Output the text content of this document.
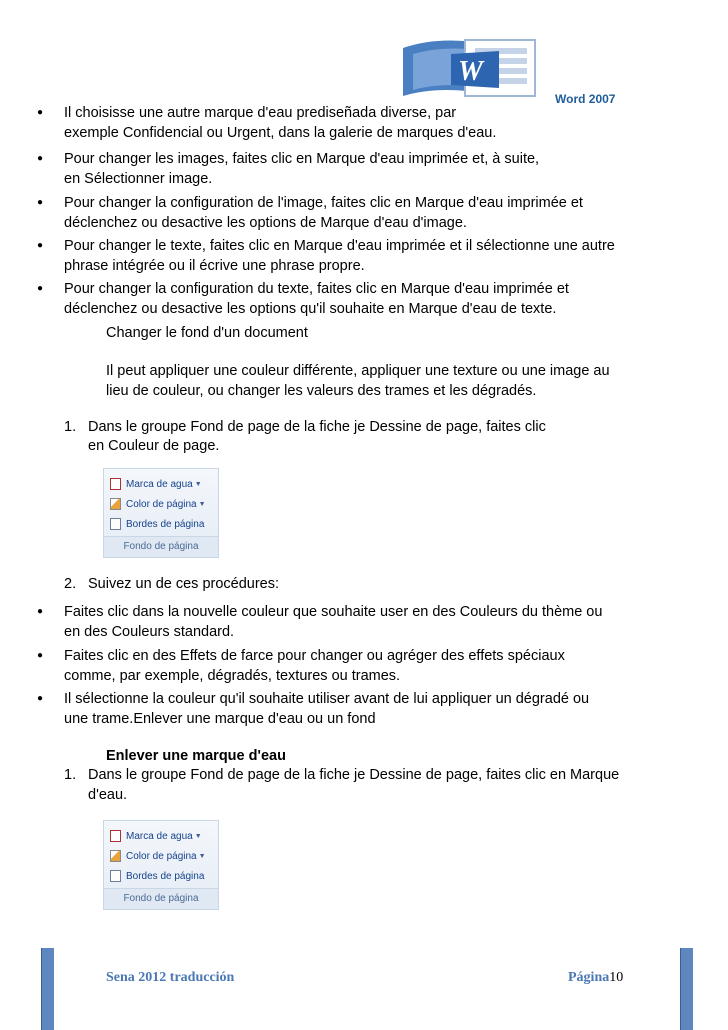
W
Word 2007
● Il choisisse une autre marque d'eau prediseñada diverse, par
exemple Confidencial ou Urgent, dans la galerie de marques d'eau.
● Pour changer les images, faites clic en Marque d'eau imprimée et, à suite,
en Sélectionner image.
● Pour changer la configuration de l'image, faites clic en Marque d'eau imprimée et
déclenchez ou desactive les options de Marque d'eau d'image.
● Pour changer le texte, faites clic en Marque d'eau imprimée et il sélectionne une autre
phrase intégrée ou il écrive une phrase propre.
● Pour changer la configuration du texte, faites clic en Marque d'eau imprimée et
déclenchez ou desactive les options qu'il souhaite en Marque d'eau de texte.
Changer le fond d'un document
Il peut appliquer une couleur différente, appliquer une texture ou une image au
lieu de couleur, ou changer les valeurs des trames et les dégradés.
1. Dans le groupe Fond de page de la fiche je Dessine de page, faites clic
en Couleur de page.
Marca de agua ▼
Color de página ▼
Bordes de página
Fondo de página
2. Suivez un de ces procédures:
● Faites clic dans la nouvelle couleur que souhaite user en des Couleurs du thème ou
en des Couleurs standard.
● Faites clic en des Effets de farce pour changer ou agréger des effets spéciaux
comme, par exemple, dégradés, textures ou trames.
● Il sélectionne la couleur qu'il souhaite utiliser avant de lui appliquer un dégradé ou
une trame.Enlever une marque d'eau ou un fond
Enlever une marque d'eau
1. Dans le groupe Fond de page de la fiche je Dessine de page, faites clic en Marque
d'eau.
Marca de agua ▼
Color de página ▼
Bordes de página
Fondo de página
Sena 2012 traducción	Página10
